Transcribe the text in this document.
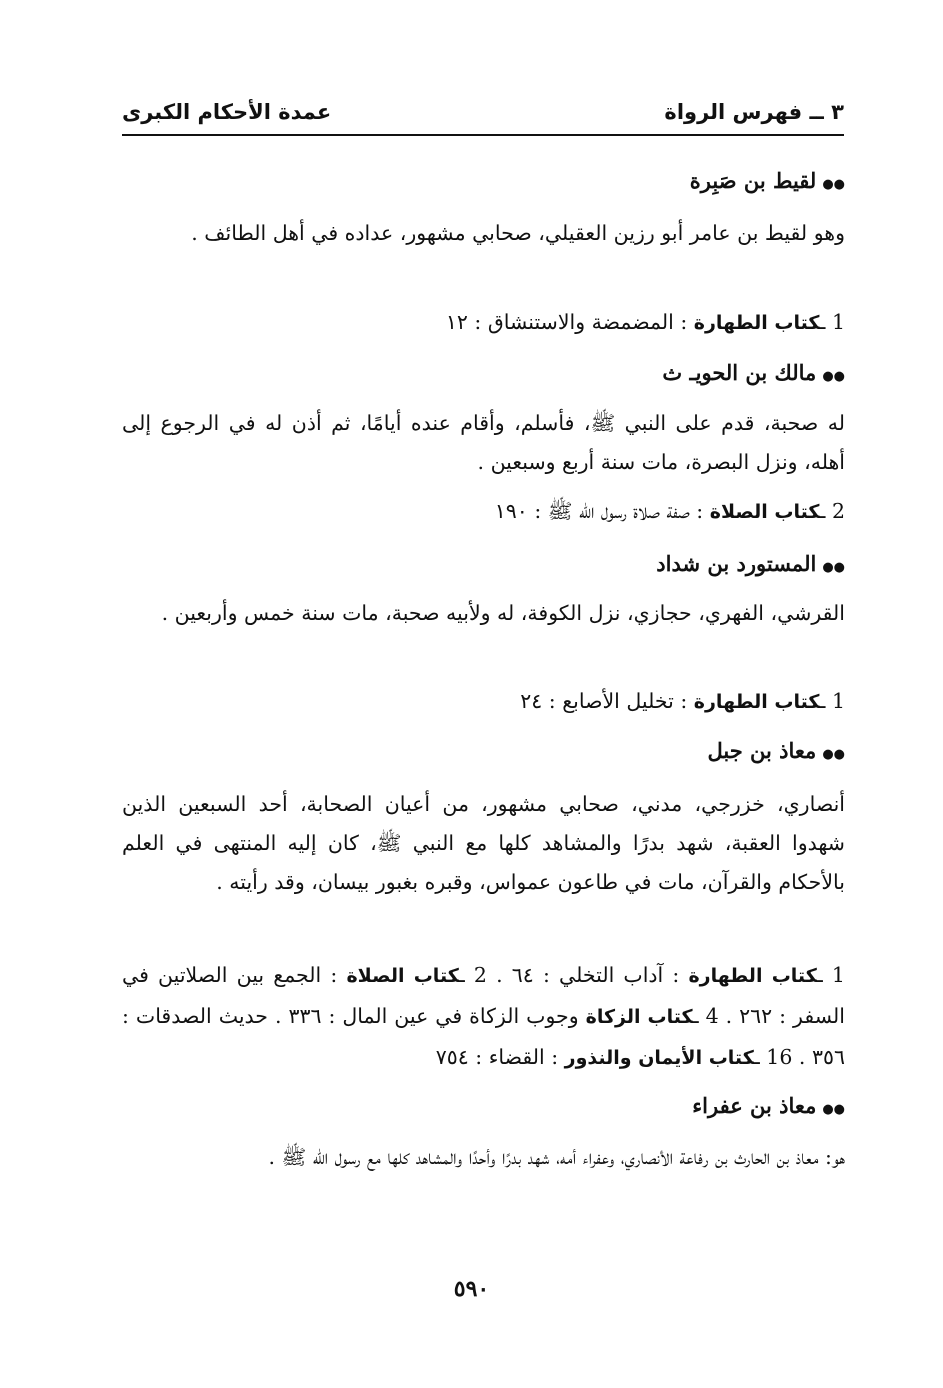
٣ ــ فهرس الرواة
عمدة الأحكام الكبرى
●●لقيط بن صَبِرة
وهو لقيط بن عامر أبو رزين العقيلي، صحابي مشهور، عداده في أهل الطائف .
1 ـكتاب الطهارة : المضمضة والاستنشاق : ١٢
●●مالك بن الحويـ ث
له صحبة، قدم على النبي ﷺ، فأسلم، وأقام عنده أيامًا، ثم أذن له في الرجوع إلى أهله، ونزل البصرة، مات سنة أربع وسبعين .
2 ـكتاب الصلاة : صفة صلاة رسول الله ﷺ : ١٩٠
●●المستورد بن شداد
القرشي، الفهري، حجازي، نزل الكوفة، له ولأبيه صحبة، مات سنة خمس وأربعين .
1 ـكتاب الطهارة : تخليل الأصابع : ٢٤
●●معاذ بن جبل
أنصاري، خزرجي، مدني، صحابي مشهور، من أعيان الصحابة، أحد السبعين الذين شهدوا العقبة، شهد بدرًا والمشاهد كلها مع النبي ﷺ، كان إليه المنتهى في العلم بالأحكام والقرآن، مات في طاعون عمواس، وقبره بغبور بيسان، وقد رأيته .
1 ـكتاب الطهارة : آداب التخلي : ٦٤ . 2 ـكتاب الصلاة : الجمع بين الصلاتين في السفر : ٢٦٢ . 4 ـكتاب الزكاة وجوب الزكاة في عين المال : ٣٣٦ . حديث الصدقات : ٣٥٦ . 16 ـكتاب الأيمان والنذور : القضاء : ٧٥٤
●●معاذ بن عفراء
هو: معاذ بن الحارث بن رفاعة الأنصاري، وعفراء أمه، شهد بدرًا وأحدًا والمشاهد كلها مع رسول الله ﷺ .
٥٩٠
